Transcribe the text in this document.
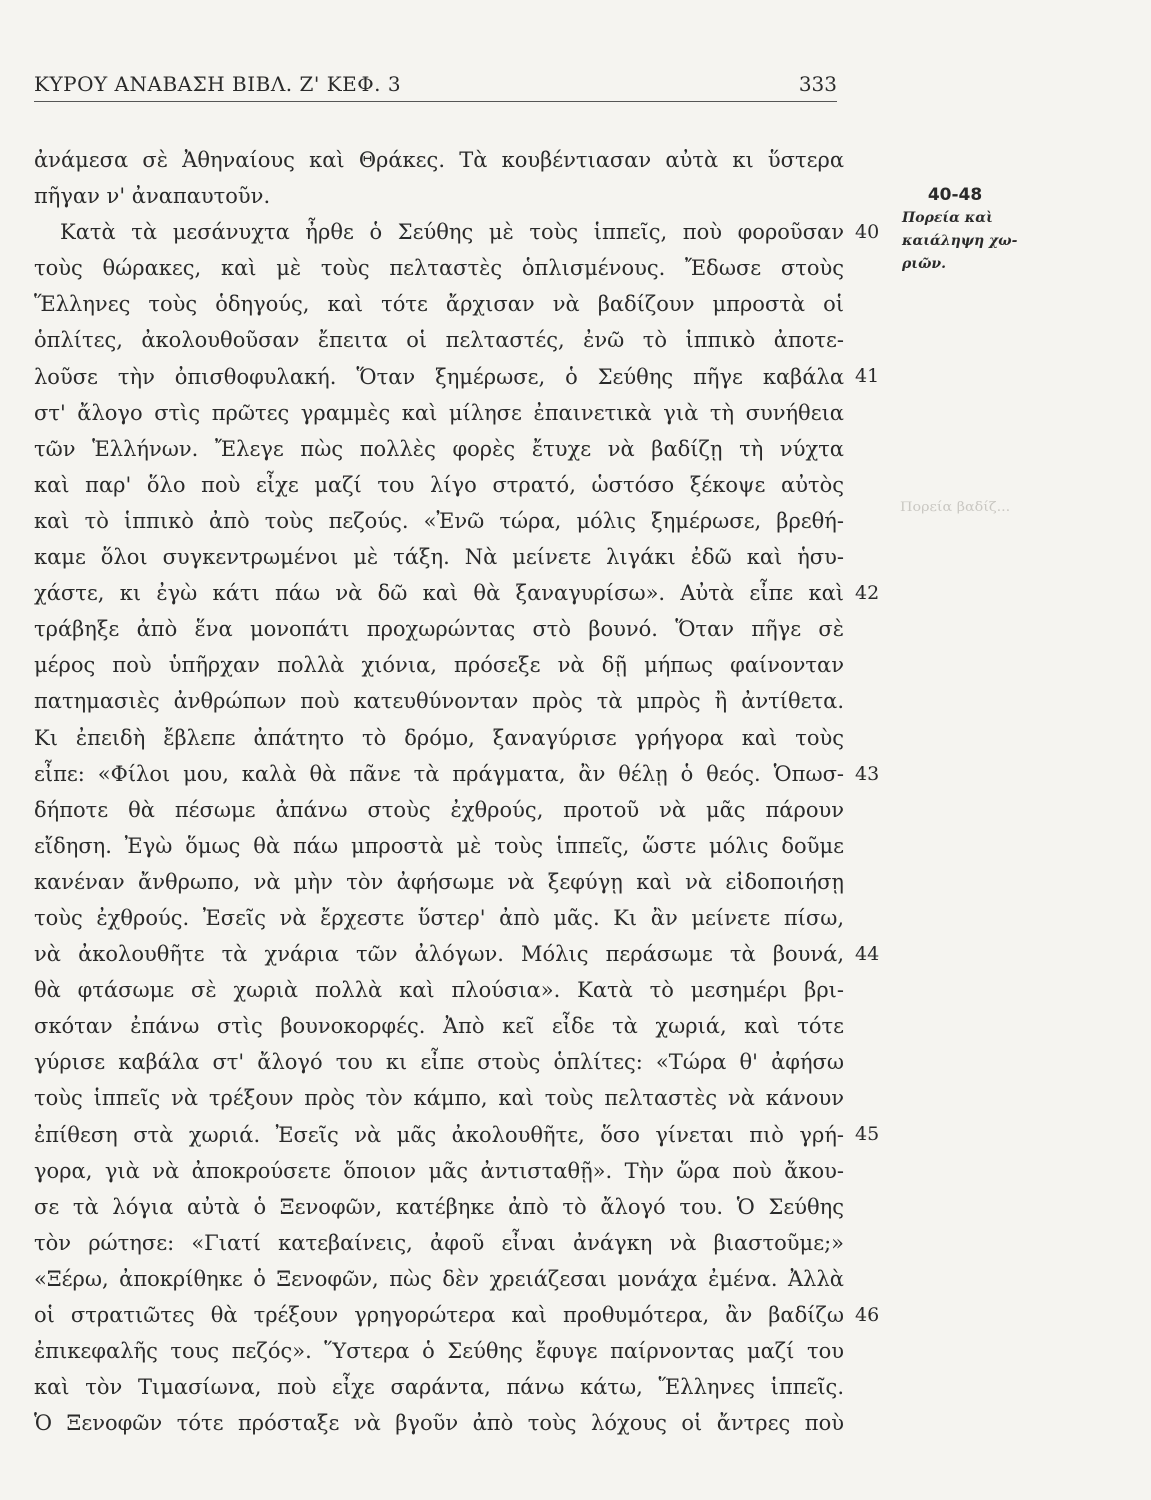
ΚΥΡΟΥ ΑΝΑΒΑΣΗ ΒΙΒΛ. Ζ' ΚΕΦ. 3	333
ἀνάμεσα σὲ Ἀθηναίους καὶ Θράκες. Τὰ κουβέντιασαν αὐτὰ κι ὕστερα
πῆγαν ν' ἀναπαυτοῦν.
Κατὰ τὰ μεσάνυχτα ἦρθε ὁ Σεύθης μὲ τοὺς ἱππεῖς, ποὺ φοροῦσαν
τοὺς θώρακες, καὶ μὲ τοὺς πελταστὲς ὁπλισμένους. Ἔδωσε στοὺς
Ἕλληνες τοὺς ὁδηγούς, καὶ τότε ἄρχισαν νὰ βαδίζουν μπροστὰ οἱ
ὁπλίτες, ἀκολουθοῦσαν ἔπειτα οἱ πελταστές, ἐνῶ τὸ ἱππικὸ ἀποτε-
λοῦσε τὴν ὀπισθοφυλακή. Ὅταν ξημέρωσε, ὁ Σεύθης πῆγε καβάλα
στ' ἄλογο στὶς πρῶτες γραμμὲς καὶ μίλησε ἐπαινετικὰ γιὰ τὴ συνήθεια
τῶν Ἑλλήνων. Ἔλεγε πὼς πολλὲς φορὲς ἔτυχε νὰ βαδίζῃ τὴ νύχτα
καὶ παρ' ὅλο ποὺ εἶχε μαζί του λίγο στρατό, ὡστόσο ξέκοψε αὐτὸς
καὶ τὸ ἱππικὸ ἀπὸ τοὺς πεζούς. «Ἐνῶ τώρα, μόλις ξημέρωσε, βρεθή-
καμε ὅλοι συγκεντρωμένοι μὲ τάξη. Νὰ μείνετε λιγάκι ἐδῶ καὶ ἡσυ-
χάστε, κι ἐγὼ κάτι πάω νὰ δῶ καὶ θὰ ξαναγυρίσω». Αὐτὰ εἶπε καὶ
τράβηξε ἀπὸ ἕνα μονοπάτι προχωρώντας στὸ βουνό. Ὅταν πῆγε σὲ
μέρος ποὺ ὑπῆρχαν πολλὰ χιόνια, πρόσεξε νὰ δῇ μήπως φαίνονταν
πατημασιὲς ἀνθρώπων ποὺ κατευθύνονταν πρὸς τὰ μπρὸς ἢ ἀντίθετα.
Κι ἐπειδὴ ἔβλεπε ἀπάτητο τὸ δρόμο, ξαναγύρισε γρήγορα καὶ τοὺς
εἶπε: «Φίλοι μου, καλὰ θὰ πᾶνε τὰ πράγματα, ἂν θέλῃ ὁ θεός. Ὁπωσ-
δήποτε θὰ πέσωμε ἀπάνω στοὺς ἐχθρούς, προτοῦ νὰ μᾶς πάρουν
εἴδηση. Ἐγὼ ὅμως θὰ πάω μπροστὰ μὲ τοὺς ἱππεῖς, ὥστε μόλις δοῦμε
κανέναν ἄνθρωπο, νὰ μὴν τὸν ἀφήσωμε νὰ ξεφύγῃ καὶ νὰ εἰδοποιήσῃ
τοὺς ἐχθρούς. Ἐσεῖς νὰ ἔρχεστε ὕστερ' ἀπὸ μᾶς. Κι ἂν μείνετε πίσω,
νὰ ἀκολουθῆτε τὰ χνάρια τῶν ἀλόγων. Μόλις περάσωμε τὰ βουνά,
θὰ φτάσωμε σὲ χωριὰ πολλὰ καὶ πλούσια». Κατὰ τὸ μεσημέρι βρι-
σκόταν ἐπάνω στὶς βουνοκορφές. Ἀπὸ κεῖ εἶδε τὰ χωριά, καὶ τότε
γύρισε καβάλα στ' ἄλογό του κι εἶπε στοὺς ὁπλίτες: «Τώρα θ' ἀφήσω
τοὺς ἱππεῖς νὰ τρέξουν πρὸς τὸν κάμπο, καὶ τοὺς πελταστὲς νὰ κάνουν
ἐπίθεση στὰ χωριά. Ἐσεῖς νὰ μᾶς ἀκολουθῆτε, ὅσο γίνεται πιὸ γρή-
γορα, γιὰ νὰ ἀποκρούσετε ὅποιον μᾶς ἀντισταθῇ». Τὴν ὥρα ποὺ ἄκου-
σε τὰ λόγια αὐτὰ ὁ Ξενοφῶν, κατέβηκε ἀπὸ τὸ ἄλογό του. Ὁ Σεύθης
τὸν ρώτησε: «Γιατί κατεβαίνεις, ἀφοῦ εἶναι ἀνάγκη νὰ βιαστοῦμε;»
«Ξέρω, ἀποκρίθηκε ὁ Ξενοφῶν, πὼς δὲν χρειάζεσαι μονάχα ἐμένα. Ἀλλὰ
οἱ στρατιῶτες θὰ τρέξουν γρηγορώτερα καὶ προθυμότερα, ἂν βαδίζω
ἐπικεφαλῆς τους πεζός». Ὕστερα ὁ Σεύθης ἔφυγε παίρνοντας μαζί του
καὶ τὸν Τιμασίωνα, ποὺ εἶχε σαράντα, πάνω κάτω, Ἕλληνες ἱππεῖς.
Ὁ Ξενοφῶν τότε πρόσταξε νὰ βγοῦν ἀπὸ τοὺς λόχους οἱ ἄντρες ποὺ
40
41
42
43
44
45
46
40-48
Πορεία καὶ
καιάληψη χω-
ριῶν.
Πορεία βαδίζ...
